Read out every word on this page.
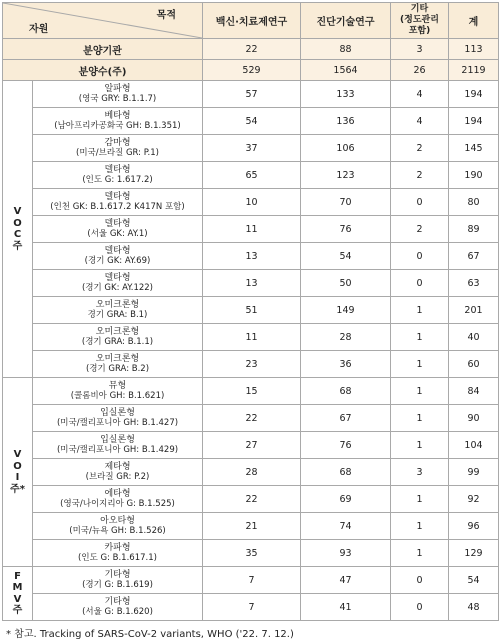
목적
자원		백신·치료제연구	진단기술연구	기타
(정도관리
포함)	계
분양기관		22	88	3	113
분양수(주)		529	1564	26	2119
V
O
C
주	알파형
(영국 GRY: B.1.1.7)	57	133	4	194

	베타형
(남아프리카공화국 GH: B.1.351)	54	136	4	194

	감마형
(미국/브라질 GR: P.1)	37	106	2	145

	델타형
(인도 G: 1.617.2)	65	123	2	190

	델타형
(인천 GK: B.1.617.2 K417N 포함)	10	70	0	80

	델타형
(서울 GK: AY.1)	11	76	2	89

	델타형
(경기 GK: AY.69)	13	54	0	67

	델타형
(경기 GK: AY.122)	13	50	0	63

	오미크론형
경기 GRA: B.1)	51	149	1	201

	오미크론형
(경기 GRA: B.1.1)	11	28	1	40

	오미크론형
(경기 GRA: B.2)	23	36	1	60
V
O
I
주*	뮤형
(콜롬비아 GH: B.1.621)	15	68	1	84

	입실론형
(미국/캘리포니아 GH: B.1.427)	22	67	1	90

	입실론형
(미국/캘리포니아 GH: B.1.429)	27	76	1	104

	제타형
(브라질 GR: P.2)	28	68	3	99

	에타형
(영국/나이지리아 G: B.1.525)	22	69	1	92

	아오타형
(미국/뉴욕 GH: B.1.526)	21	74	1	96

	카파형
(인도 G: B.1.617.1)	35	93	1	129
F
M
V
주	기타형
(경기 G: B.1.619)	7	47	0	54

	기타형
(서울 G: B.1.620)	7	41	0	48
* 참고. Tracking of SARS-CoV-2 variants, WHO ('22. 7. 12.)
